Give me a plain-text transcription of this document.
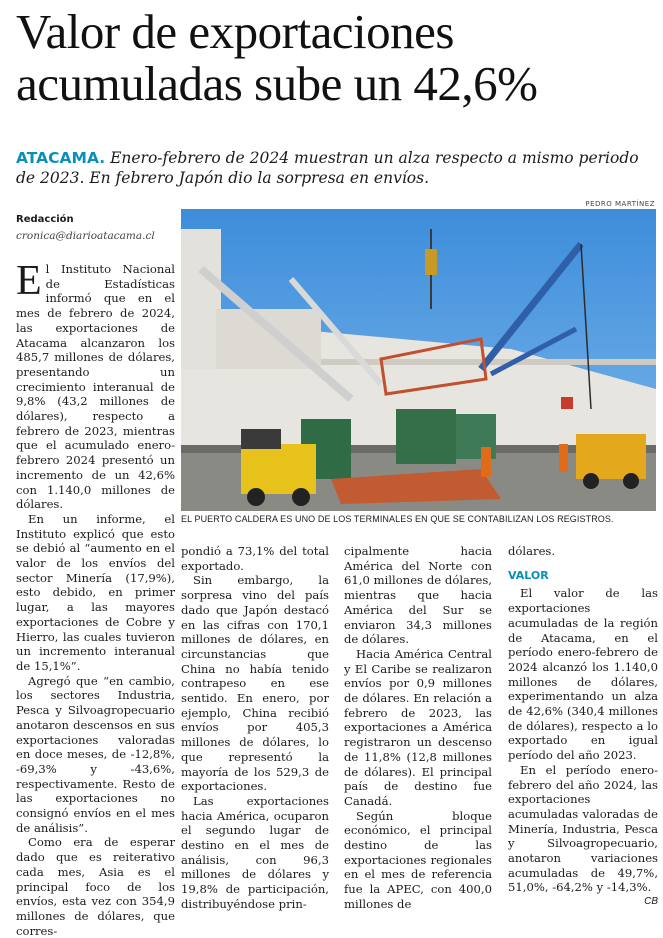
Valor de exportaciones acumuladas sube un 42,6%

ATACAMA. Enero-febrero de 2024 muestran un alza respecto a mismo periodo de 2023. En febrero Japón dio la sorpresa en envíos.

Redacción
cronica@diarioatacama.cl
PEDRO MARTÍNEZ
EL PUERTO CALDERA ES UNO DE LOS TERMINALES EN QUE SE CONTABILIZAN LOS REGISTROS.

El Instituto Nacional de Estadísticas informó que en el mes de febrero de 2024, las exportaciones de Atacama alcanzaron los 485,7 millones de dólares, presentando un crecimiento interanual de 9,8% (43,2 millones de dólares), respecto a febrero de 2023, mientras que el acumulado enero-febrero 2024 presentó un incremento de un 42,6% con 1.140,0 millones de dólares.

En un informe, el Instituto explicó que esto se debió al “aumento en el valor de los envíos del sector Minería (17,9%), esto debido, en primer lugar, a las mayores exportaciones de Cobre y Hierro, las cuales tuvieron un incremento interanual de 15,1%”.

Agregó que “en cambio, los sectores Industria, Pesca y Silvoagropecuario anotaron descensos en sus exportaciones valoradas en doce meses, de -12,8%, -69,3% y -43,6%, respectivamente. Resto de las exportaciones no consignó envíos en el mes de análisis”.

Como era de esperar dado que es reiterativo cada mes, Asia es el principal foco de los envíos, esta vez con 354,9 millones de dólares, que corres-

pondió a 73,1% del total exportado.

Sin embargo, la sorpresa vino del país dado que Japón destacó en las cifras con 170,1 millones de dólares, en circunstancias que China no había tenido contrapeso en ese sentido. En enero, por ejemplo, China recibió envíos por 405,3 millones de dólares, lo que representó la mayoría de los 529,3 de exportaciones.

Las exportaciones hacia América, ocuparon el segundo lugar de destino en el mes de análisis, con 96,3 millones de dólares y 19,8% de participación, distribuyéndose prin-

cipalmente hacia América del Norte con 61,0 millones de dólares, mientras que hacia América del Sur se enviaron 34,3 millones de dólares.

Hacia América Central y El Caribe se realizaron envíos por 0,9 millones de dólares. En relación a febrero de 2023, las exportaciones a América registraron un descenso de 11,8% (12,8 millones de dólares). El principal país de destino fue Canadá.

Según bloque económico, el principal destino de las exportaciones regionales en el mes de referencia fue la APEC, con 400,0 millones de

dólares.

VALOR

El valor de las exportaciones acumuladas de la región de Atacama, en el período enero-febrero de 2024 alcanzó los 1.140,0 millones de dólares, experimentando un alza de 42,6% (340,4 millones de dólares), respecto a lo exportado en igual período del año 2023.

En el período enero-febrero del año 2024, las exportaciones acumuladas valoradas de Minería, Industria, Pesca y Silvoagropecuario, anotaron variaciones acumuladas de 49,7%, 51,0%, -64,2% y -14,3%.
CB
